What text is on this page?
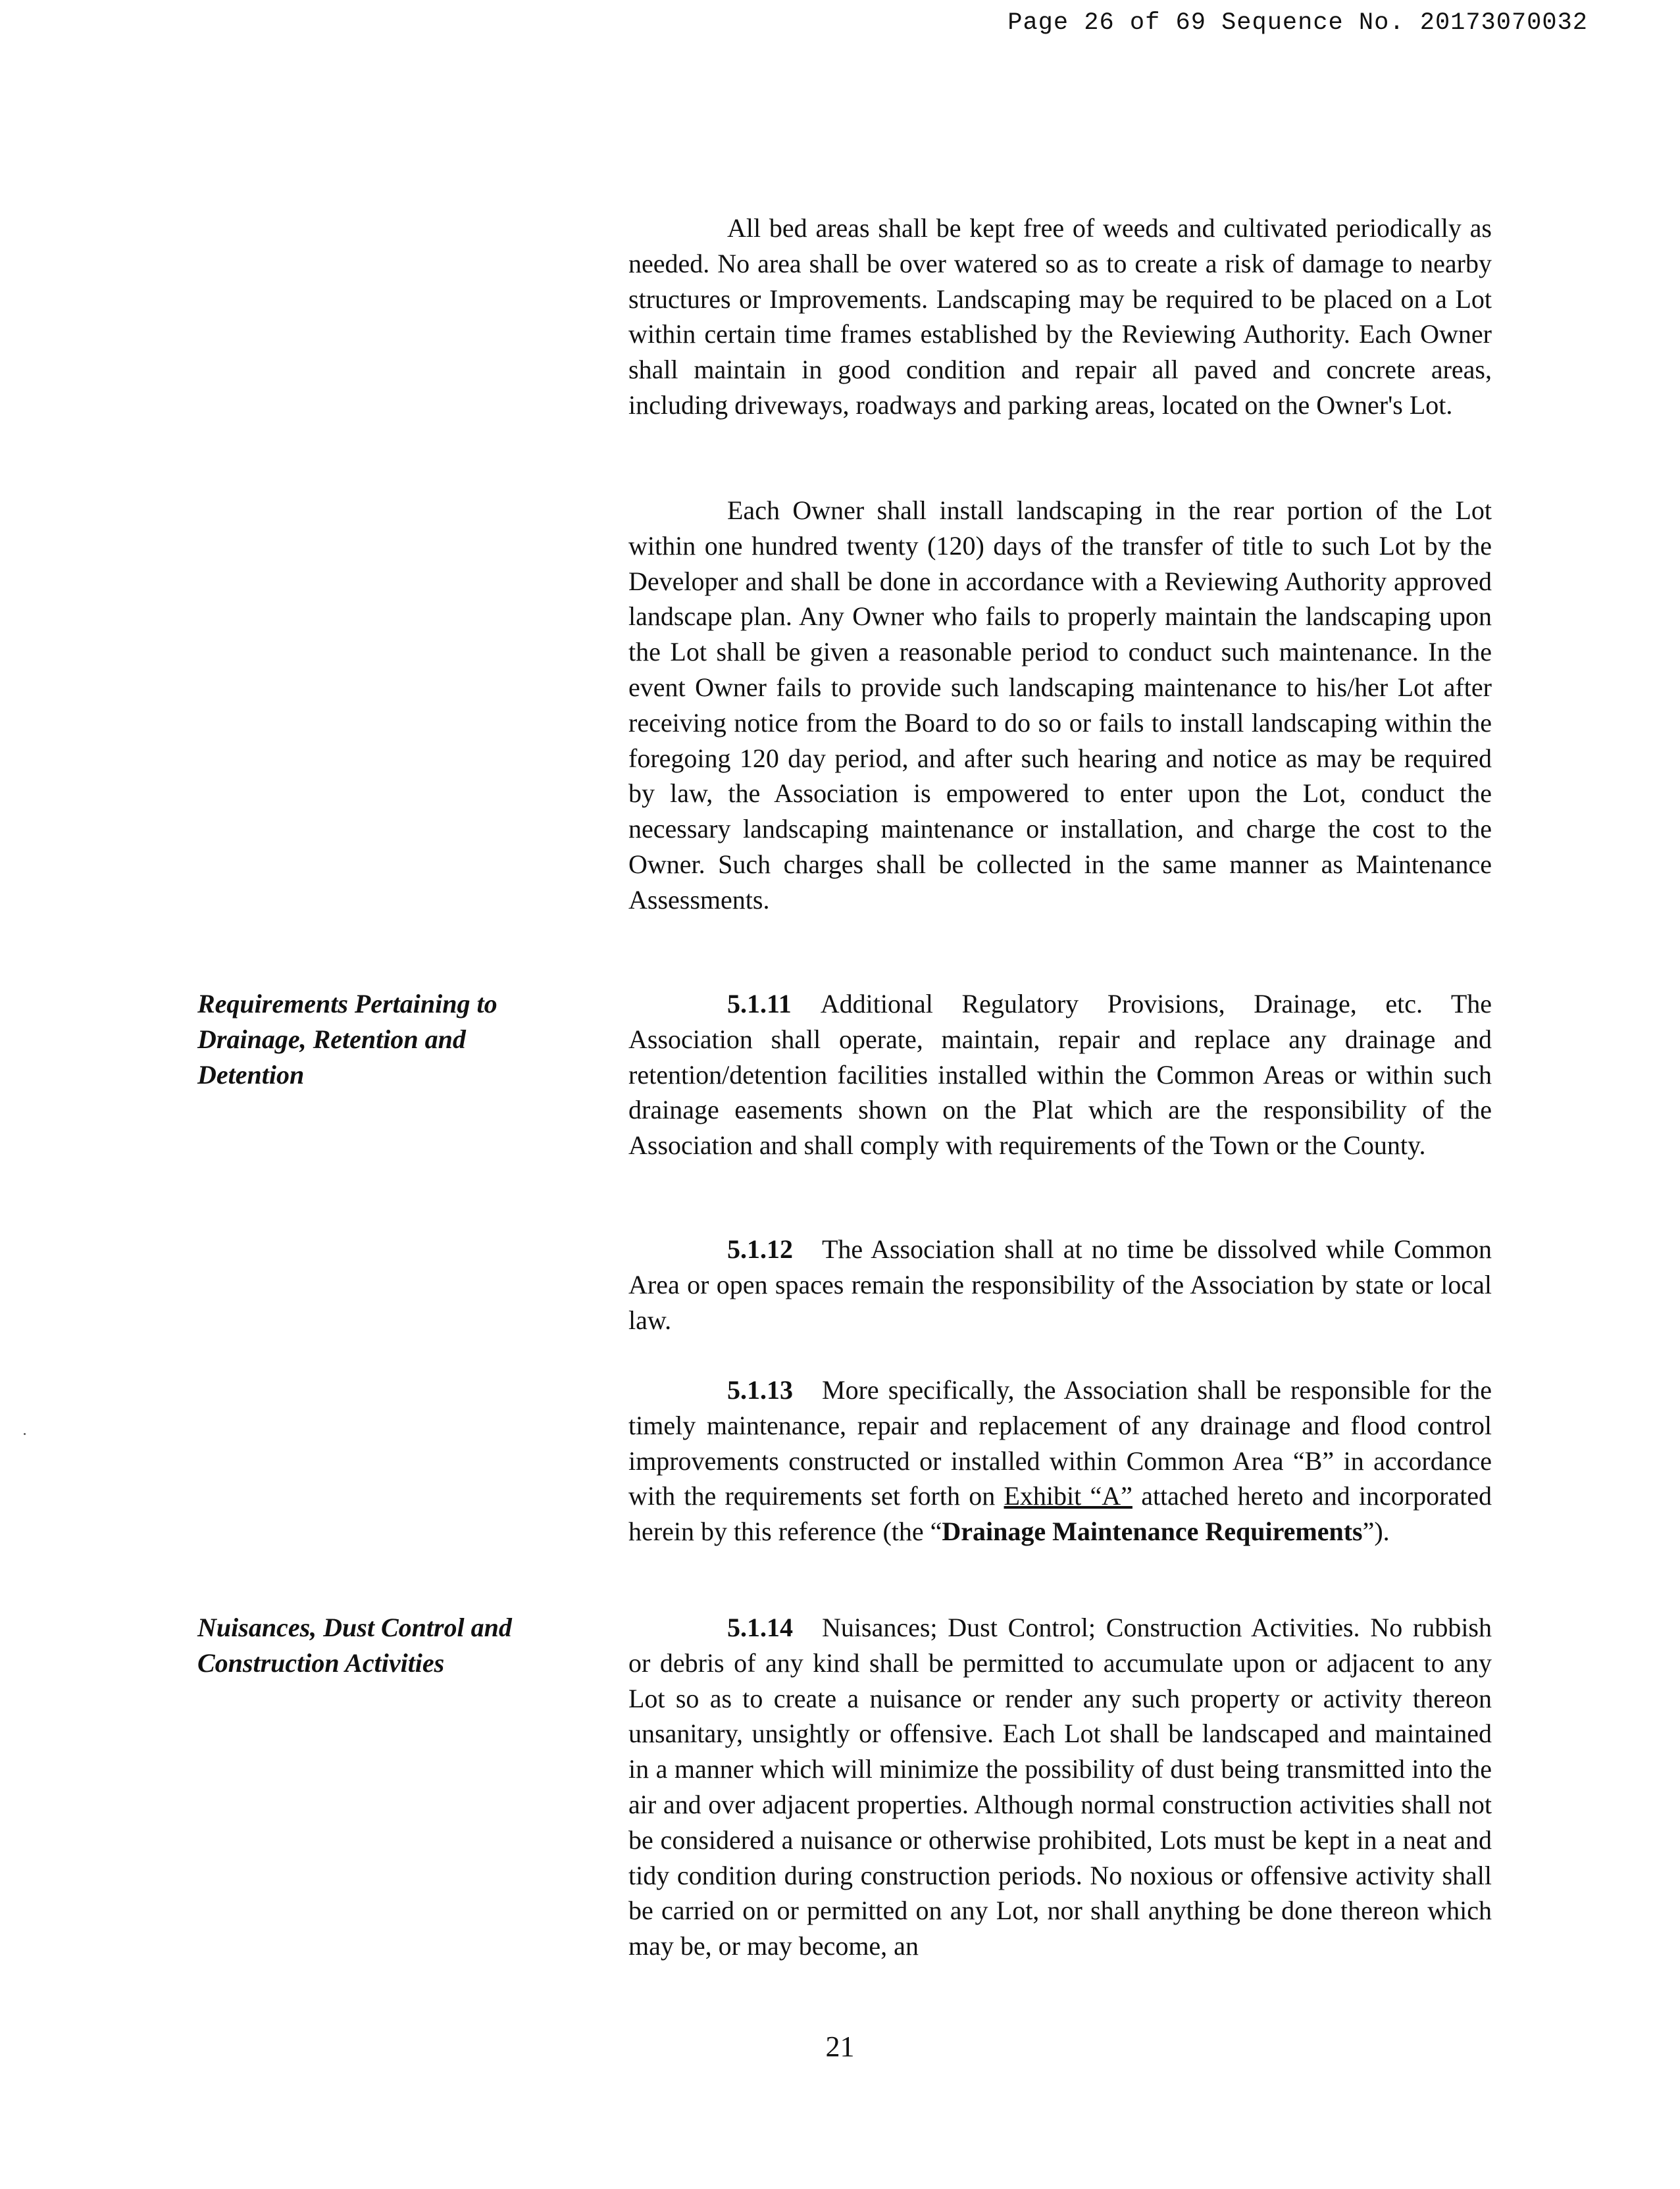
Page 26 of 69 Sequence No. 20173070032

All bed areas shall be kept free of weeds and cultivated periodically as needed. No area shall be over watered so as to create a risk of damage to nearby structures or Improvements. Landscaping may be required to be placed on a Lot within certain time frames established by the Reviewing Authority. Each Owner shall maintain in good condition and repair all paved and concrete areas, including driveways, roadways and parking areas, located on the Owner's Lot.

Each Owner shall install landscaping in the rear portion of the Lot within one hundred twenty (120) days of the transfer of title to such Lot by the Developer and shall be done in accordance with a Reviewing Authority approved landscape plan. Any Owner who fails to properly maintain the landscaping upon the Lot shall be given a reasonable period to conduct such maintenance. In the event Owner fails to provide such landscaping maintenance to his/her Lot after receiving notice from the Board to do so or fails to install landscaping within the foregoing 120 day period, and after such hearing and notice as may be required by law, the Association is empowered to enter upon the Lot, conduct the necessary landscaping maintenance or installation, and charge the cost to the Owner. Such charges shall be collected in the same manner as Maintenance Assessments.

Requirements Pertaining to Drainage, Retention and Detention

5.1.11 Additional Regulatory Provisions, Drainage, etc. The Association shall operate, maintain, repair and replace any drainage and retention/detention facilities installed within the Common Areas or within such drainage easements shown on the Plat which are the responsibility of the Association and shall comply with requirements of the Town or the County.

5.1.12 The Association shall at no time be dissolved while Common Area or open spaces remain the responsibility of the Association by state or local law.

5.1.13 More specifically, the Association shall be responsible for the timely maintenance, repair and replacement of any drainage and flood control improvements constructed or installed within Common Area “B” in accordance with the requirements set forth on Exhibit “A” attached hereto and incorporated herein by this reference (the “Drainage Maintenance Requirements”).

Nuisances, Dust Control and Construction Activities

5.1.14 Nuisances; Dust Control; Construction Activities. No rubbish or debris of any kind shall be permitted to accumulate upon or adjacent to any Lot so as to create a nuisance or render any such property or activity thereon unsanitary, unsightly or offensive. Each Lot shall be landscaped and maintained in a manner which will minimize the possibility of dust being transmitted into the air and over adjacent properties. Although normal construction activities shall not be considered a nuisance or otherwise prohibited, Lots must be kept in a neat and tidy condition during construction periods. No noxious or offensive activity shall be carried on or permitted on any Lot, nor shall anything be done thereon which may be, or may become, an

21
